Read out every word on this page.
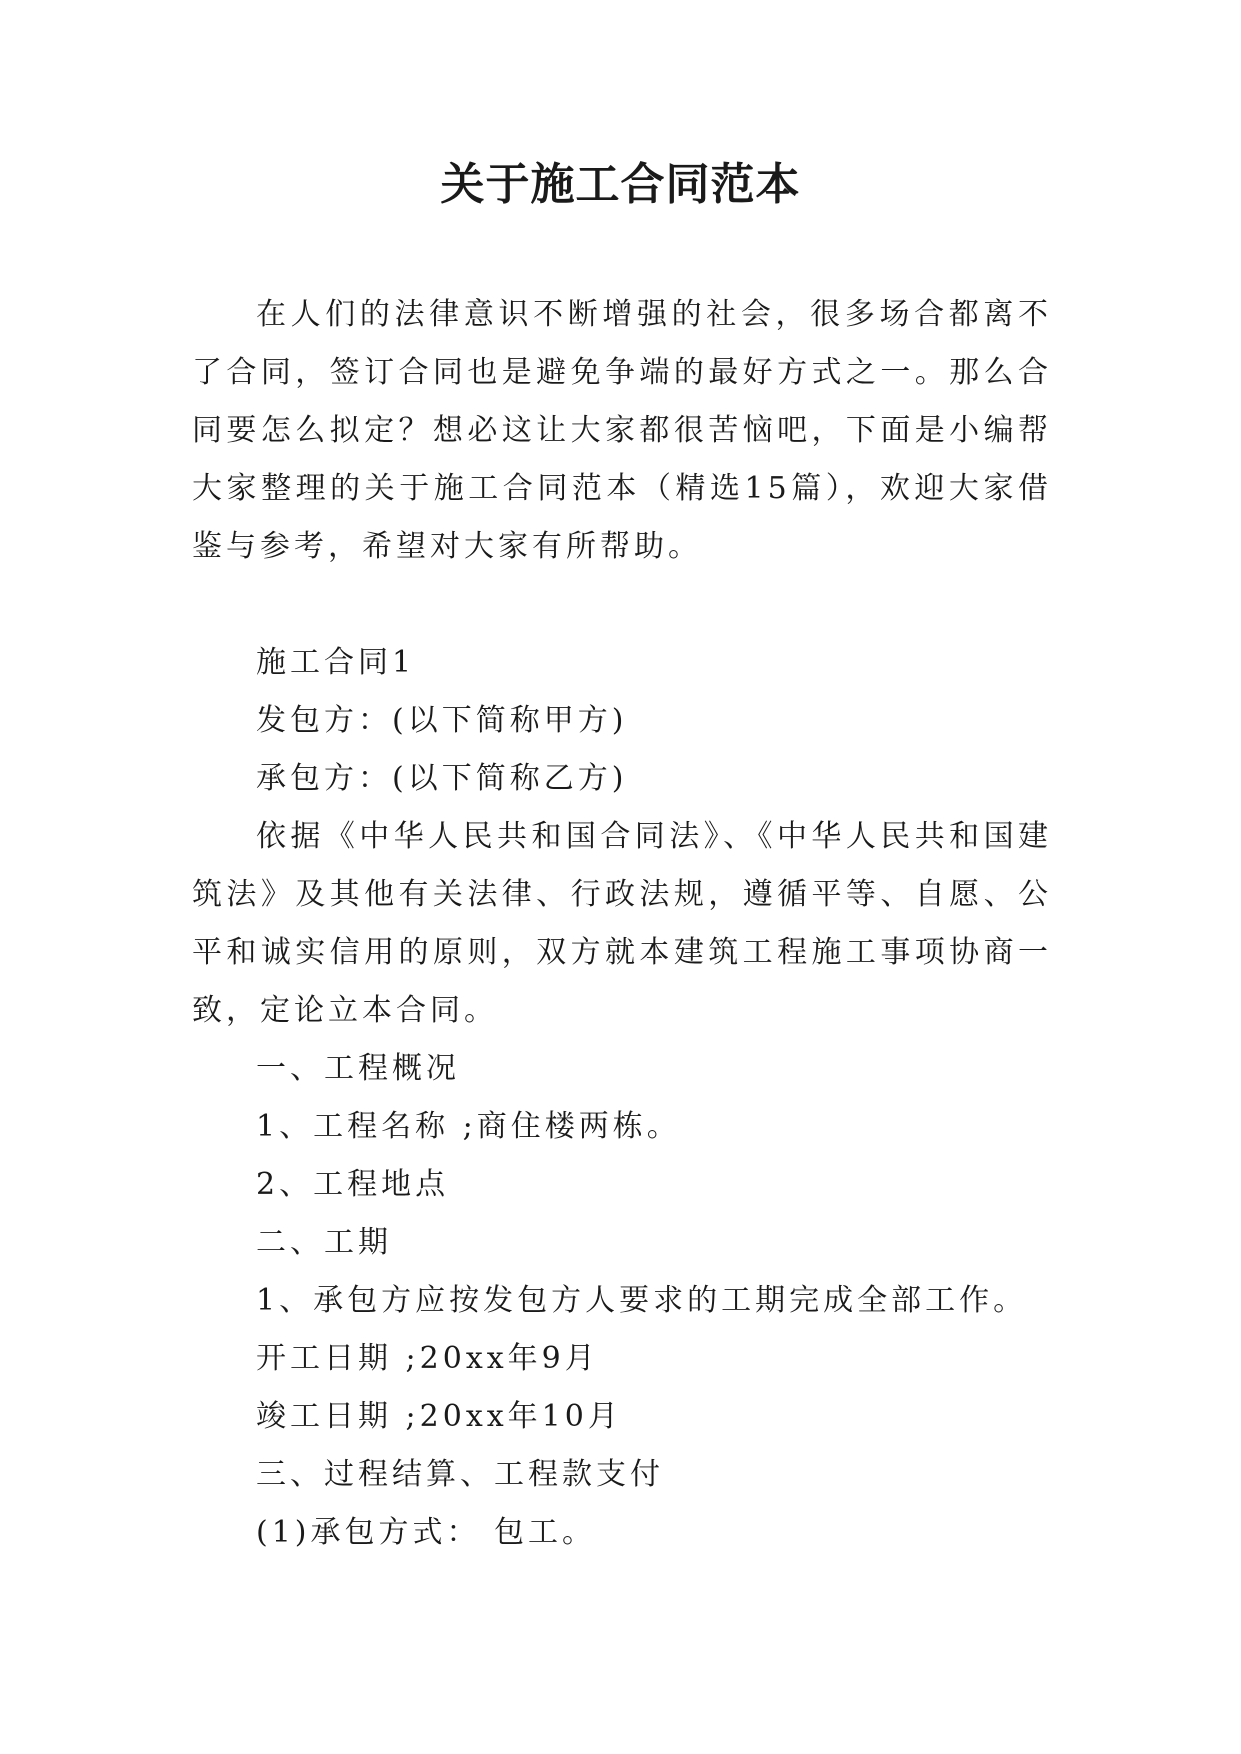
关于施工合同范本

在人们的法律意识不断增强的社会，很多场合都离不了合同，签订合同也是避免争端的最好方式之一。那么合同要怎么拟定？想必这让大家都很苦恼吧，下面是小编帮大家整理的关于施工合同范本（精选15篇），欢迎大家借鉴与参考，希望对大家有所帮助。

施工合同1

发包方：(以下简称甲方)

承包方：(以下简称乙方)

依据《中华人民共和国合同法》、《中华人民共和国建筑法》及其他有关法律、行政法规，遵循平等、自愿、公平和诚实信用的原则，双方就本建筑工程施工事项协商一致，定论立本合同。

一、工程概况

1、工程名称 ;商住楼两栋。

2、工程地点

二、工期

1、承包方应按发包方人要求的工期完成全部工作。

开工日期 ;20xx年9月

竣工日期 ;20xx年10月

三、过程结算、工程款支付

(1)承包方式： 包工。
